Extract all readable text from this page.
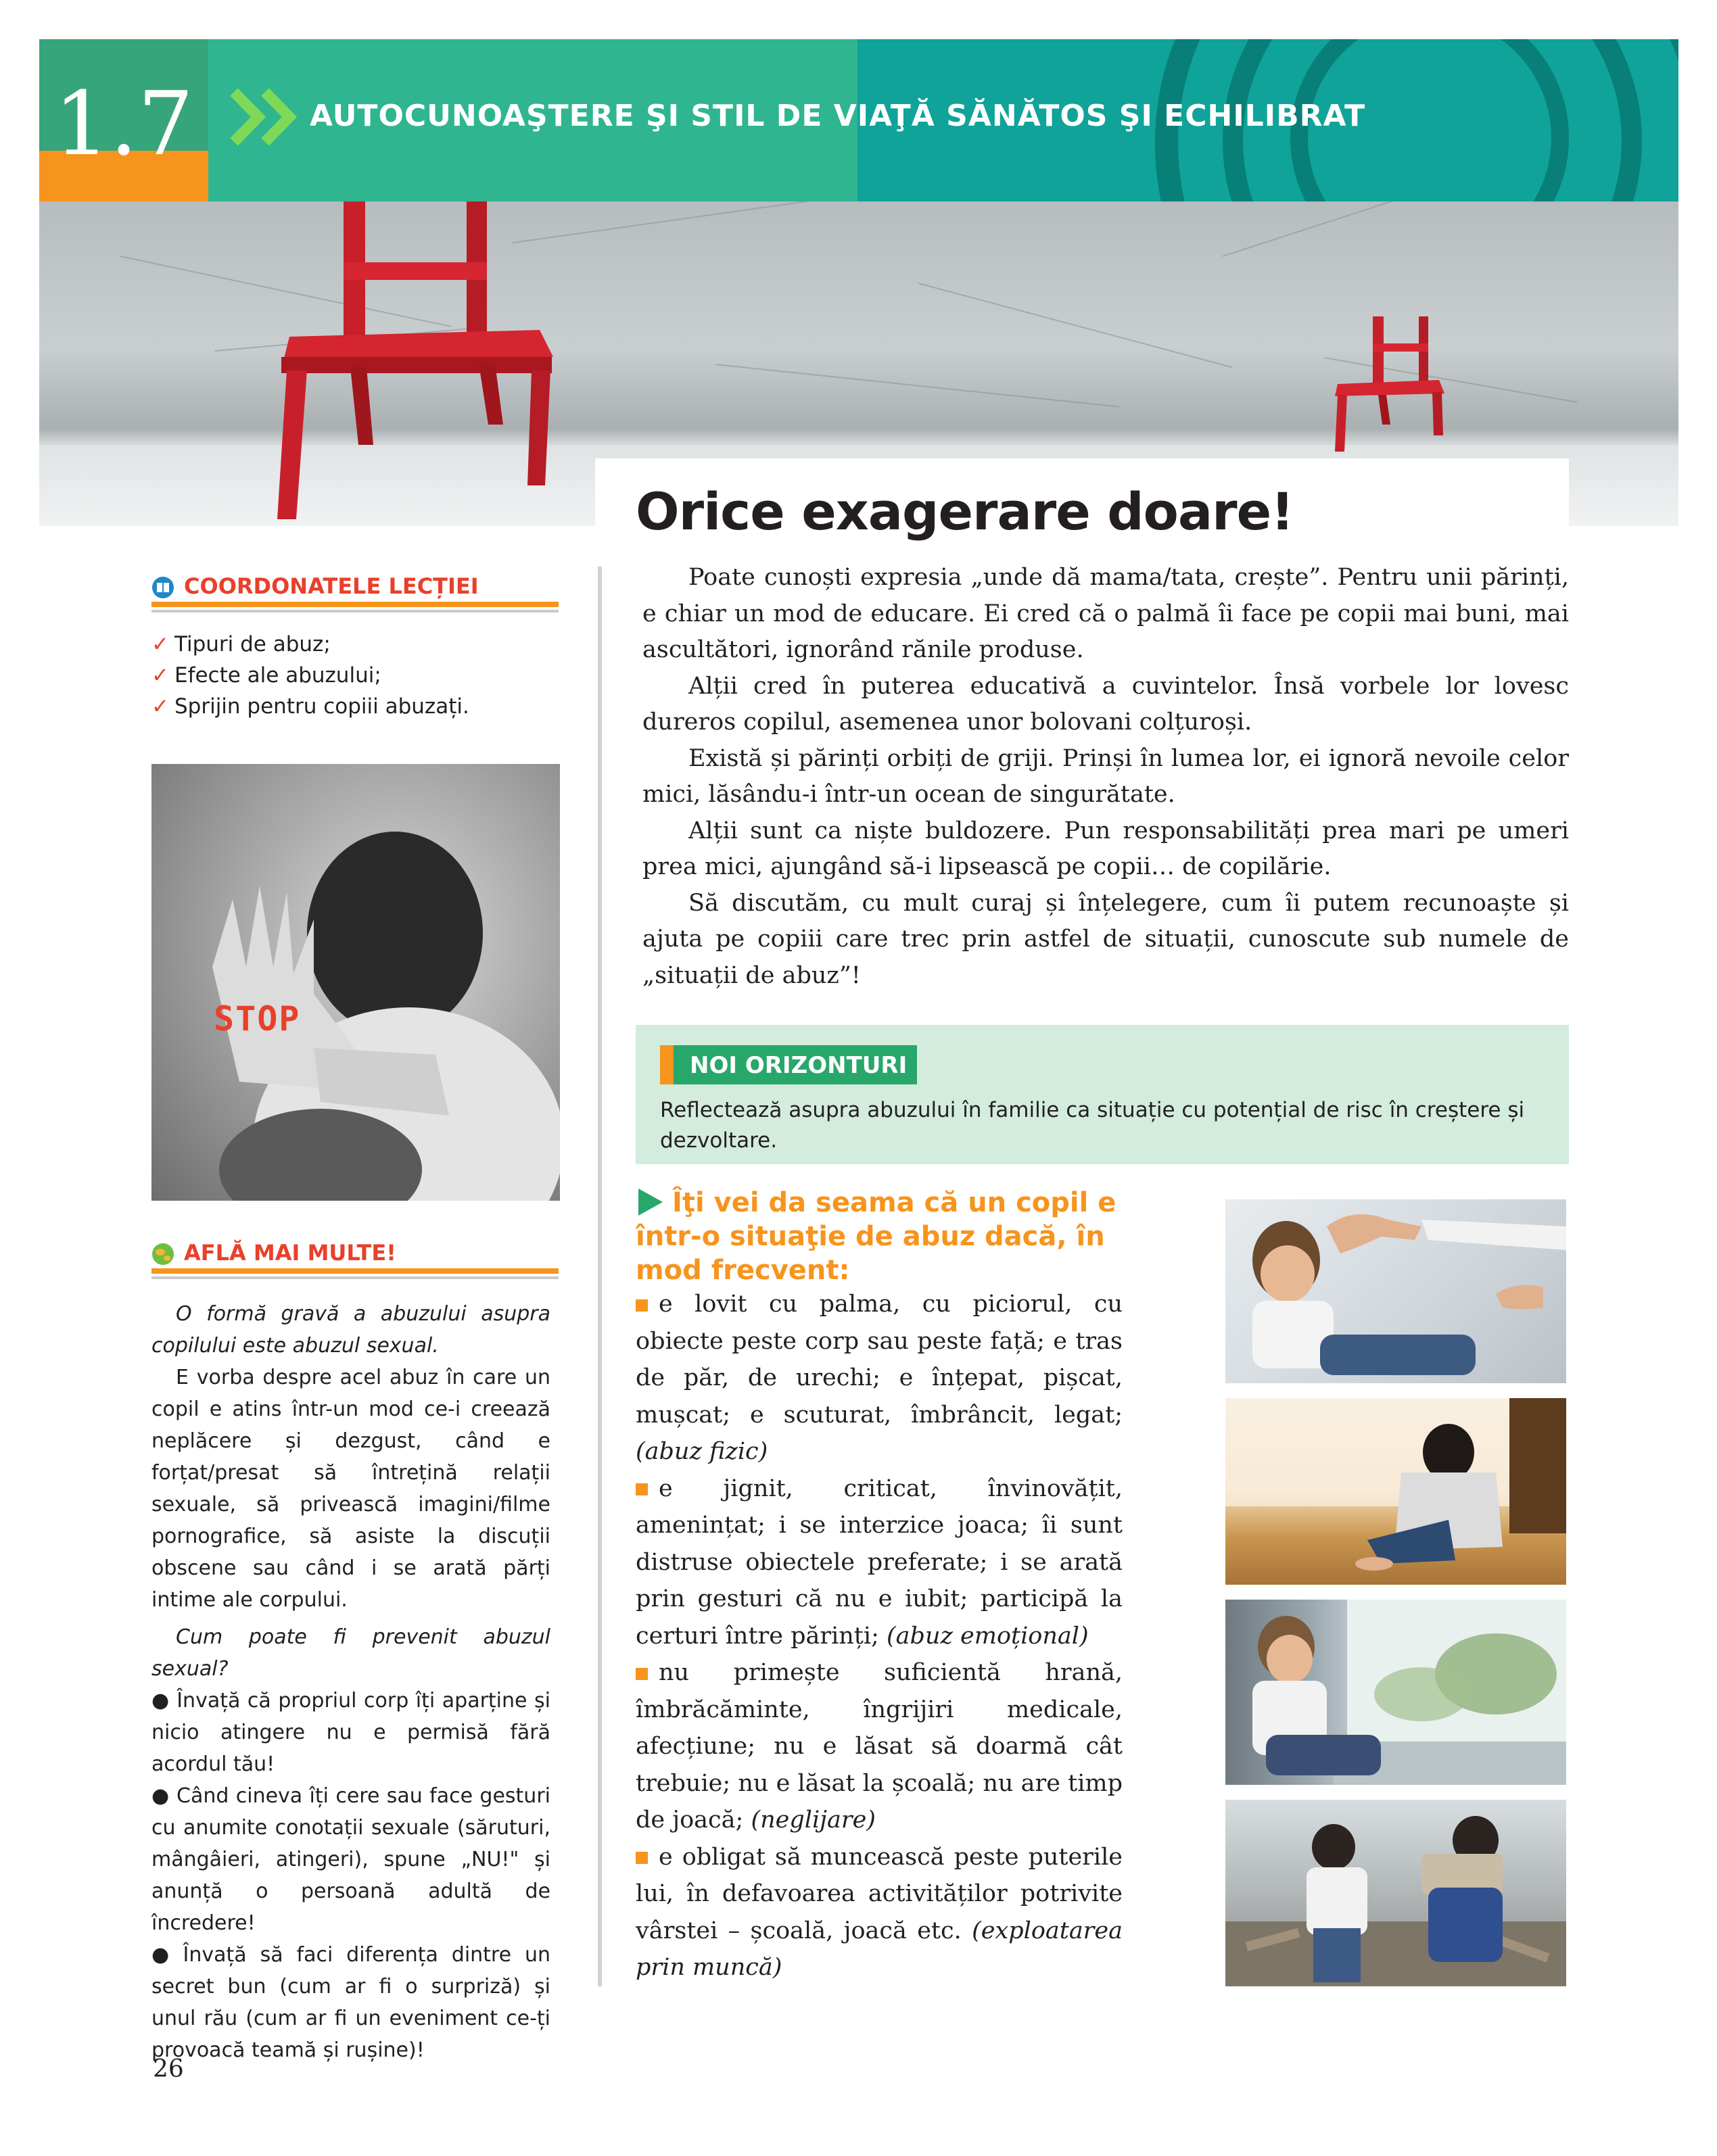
1.7	AUTOCUNOAŞTERE ŞI STIL DE VIAŢĂ SĂNĂTOS ŞI ECHILIBRAT
Orice exagerare doare!
COORDONATELE LECȚIEI
✓ Tipuri de abuz;
✓ Efecte ale abuzului;
✓ Sprijin pentru copiii abuzați.
STOP
AFLĂ MAI MULTE!

O formă gravă a abuzului asupra copilului este abuzul sexual.

E vorba despre acel abuz în care un copil e atins într-un mod ce-i creează neplăcere și dezgust, când e forțat/presat să întrețină relații sexuale, să privească imagini/filme pornografice, să asiste la discuții obscene sau când i se arată părți intime ale corpului.

Cum poate fi prevenit abuzul sexual?

● Învață că propriul corp îți aparține și nicio atingere nu e permisă fără acordul tău!

● Când cineva îți cere sau face gesturi cu anumite conotații sexuale (săruturi, mângâieri, atingeri), spune „NU!" și anunță o persoană adultă de încredere!

● Învață să faci diferența dintre un secret bun (cum ar fi o surpriză) și unul rău (cum ar fi un eveniment ce-ți provoacă teamă și rușine)!

Poate cunoști expresia „unde dă mama/tata, crește”. Pentru unii părinți, e chiar un mod de educare. Ei cred că o palmă îi face pe copii mai buni, mai ascultători, ignorând rănile produse.

Alții cred în puterea educativă a cuvintelor. Însă vorbele lor lovesc dureros copilul, asemenea unor bolovani colțuroși.

Există și părinți orbiți de griji. Prinși în lumea lor, ei ignoră nevoile celor mici, lăsându-i într-un ocean de singurătate.

Alții sunt ca niște buldozere. Pun responsabilități prea mari pe umeri prea mici, ajungând să-i lipsească pe copii… de copilărie.

Să discutăm, cu mult curaj și înțelegere, cum îi putem recunoaște și ajuta pe copiii care trec prin astfel de situații, cunoscute sub numele de „situații de abuz”!

NOI ORIZONTURI
Reflectează asupra abuzului în familie ca situație cu potențial de risc în creștere și dezvoltare.
Îţi vei da seama că un copil e într-o situaţie de abuz dacă, în mod frecvent:

e lovit cu palma, cu piciorul, cu obiecte peste corp sau peste față; e tras de păr, de urechi; e înțepat, pișcat, mușcat; e scuturat, îmbrâncit, legat; (abuz fizic)

e jignit, criticat, învinovățit, amenințat; i se interzice joaca; îi sunt distruse obiectele preferate; i se arată prin gesturi că nu e iubit; participă la certuri între părinți; (abuz emoțional)

nu primește suficientă hrană, îmbrăcăminte, îngrijiri medicale, afecțiune; nu e lăsat să doarmă cât trebuie; nu e lăsat la școală; nu are timp de joacă; (neglijare)

e obligat să muncească peste puterile lui, în defavoarea activităților potrivite vârstei – școală, joacă etc. (exploatarea prin muncă)

26
